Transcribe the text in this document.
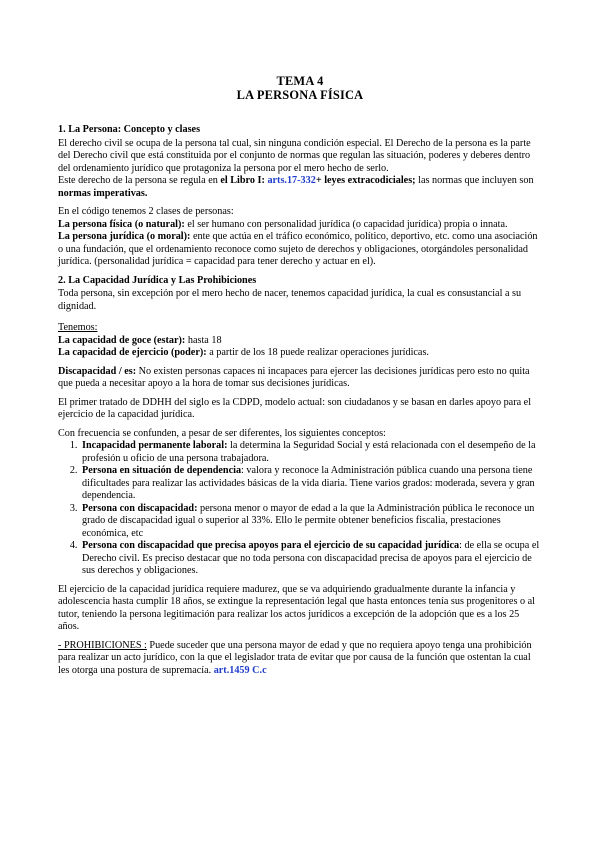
TEMA 4

LA PERSONA FÍSICA

1. La Persona: Concepto y clases

El derecho civil se ocupa de la persona tal cual, sin ninguna condición especial. El Derecho de la persona es la parte del Derecho civil que está constituida por el conjunto de normas que regulan las situación, poderes y deberes dentro del ordenamiento jurídico que protagoniza la persona por el mero hecho de serlo.

Este derecho de la persona se regula en el Libro I: arts.17-332+ leyes extracodiciales; las normas que incluyen son normas imperativas.

En el código tenemos 2 clases de personas:

La persona física (o natural): el ser humano con personalidad jurídica (o capacidad jurídica) propia o innata.

La persona jurídica (o moral): ente que actúa en el tráfico económico, político, deportivo, etc. como una asociación o una fundación, que el ordenamiento reconoce como sujeto de derechos y obligaciones, otorgándoles personalidad jurídica. (personalidad jurídica = capacidad para tener derecho y actuar en el).

2. La Capacidad Jurídica y Las Prohibiciones

Toda persona, sin excepción por el mero hecho de nacer, tenemos capacidad jurídica, la cual es consustancial a su dignidad.

Tenemos:

La capacidad de goce (estar): hasta 18

La capacidad de ejercicio (poder): a partir de los 18 puede realizar operaciones jurídicas.

Discapacidad / es: No existen personas capaces ni incapaces para ejercer las decisiones jurídicas pero esto no quita que pueda a necesitar apoyo a la hora de tomar sus decisiones jurídicas.

El primer tratado de DDHH del siglo es la CDPD, modelo actual: son ciudadanos y se basan en darles apoyo para el ejercicio de la capacidad jurídica.

Con frecuencia se confunden, a pesar de ser diferentes, los siguientes conceptos:

1. Incapacidad permanente laboral: la determina la Seguridad Social y está relacionada con el desempeño de la profesión u oficio de una persona trabajadora.
2. Persona en situación de dependencia: valora y reconoce la Administración pública cuando una persona tiene dificultades para realizar las actividades básicas de la vida diaria. Tiene varios grados: moderada, severa y gran dependencia.
3. Persona con discapacidad: persona menor o mayor de edad a la que la Administración pública le reconoce un grado de discapacidad igual o superior al 33%. Ello le permite obtener beneficios fiscalia, prestaciones económica, etc
4. Persona con discapacidad que precisa apoyos para el ejercicio de su capacidad jurídica: de ella se ocupa el Derecho civil. Es preciso destacar que no toda persona con discapacidad precisa de apoyos para el ejercicio de sus derechos y obligaciones.

El ejercicio de la capacidad jurídica requiere madurez, que se va adquiriendo gradualmente durante la infancia y adolescencia hasta cumplir 18 años, se extingue la representación legal que hasta entonces tenía sus progenitores o al tutor, teniendo la persona legitimación para realizar los actos jurídicos a excepción de la adopción que es a los 25 años.

- PROHIBICIONES : Puede suceder que una persona mayor de edad y que no requiera apoyo tenga una prohibición para realizar un acto jurídico, con la que el legislador trata de evitar que por causa de la función que ostentan la cual les otorga una postura de supremacía. art.1459 C.c
